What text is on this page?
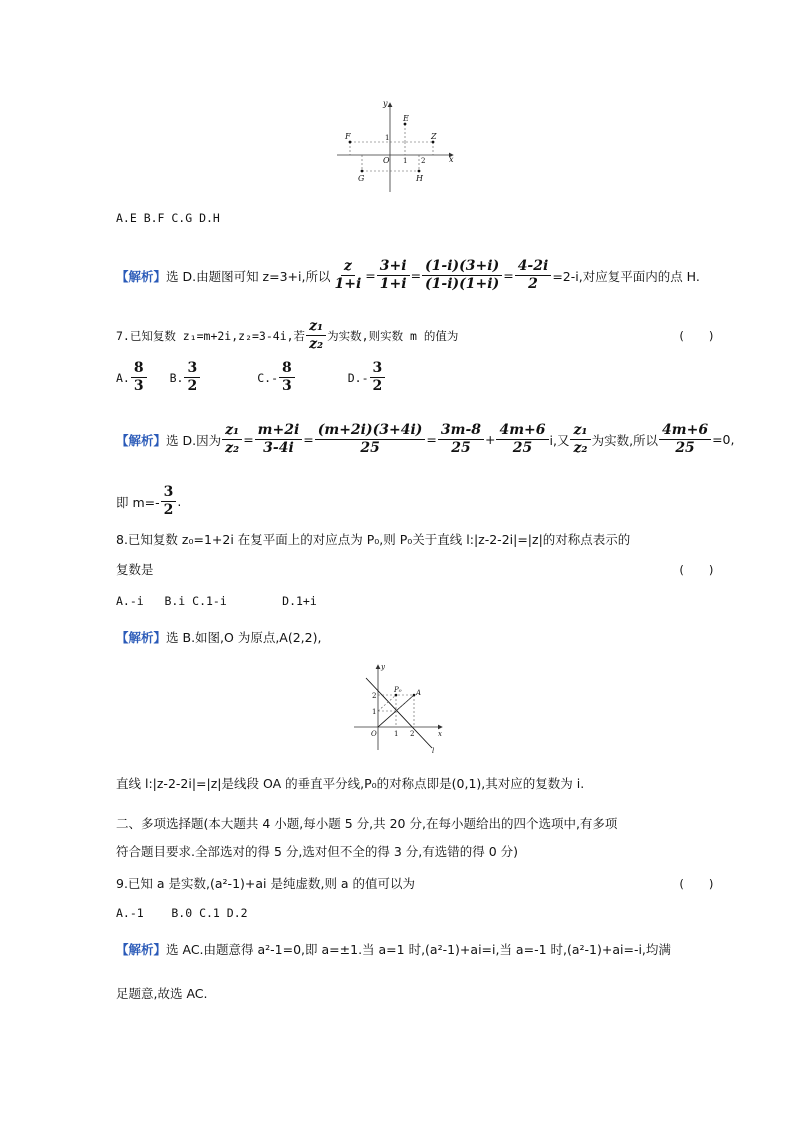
y
x
E
F	Z
G	H
O 1 2
1
A.E B.F C.G D.H
【解析】 选 D.由题图可知 z=3+i,所以 $\frac{z}{1+i} = \frac{3+i}{1+i} = \frac{(1-i)(3+i)}{(1-i)(1+i)} = \frac{4-2i}{2} =2-i$,对应复平面内的点 H.
7.已知复数 z₁=m+2i,z₂=3-4i,若 $\frac{\text{z₁}}{\text{z₂}}$ 为实数,则实数 m 的值为	(　　)
A. $\frac{8}{3} B$. $\frac{3}{2}$	$C.- \frac{8}{3}$	$D.- \frac{3}{2}$
【解析】 选 D.因为 $\frac{\text{z₁}}{\text{z₂}} = \frac{m+2i}{3-4i} = \frac{(m+2i)(3+4i)}{25} = \frac{3m-8}{25} + \frac{4m+6}{25} i$,又 $\frac{\text{z₁}}{\text{z₂}}$ 为实数,所以 $\frac{4m+6}{25} =0$,
即 $m=- \frac{3}{2}$ .
8.已知复数 z₀=1+2i 在复平面上的对应点为 P₀,则 P₀关于直线 l:|z-2-2i|=|z|的对称点表示的
复数是	(　　)
A.-i   B.i C.1-i        D.1+i
【解析】选 B.如图,O 为原点,A(2,2),
y
x
P₀ A
l
O 1 2
1
2
直线 l:|z-2-2i|=|z|是线段 OA 的垂直平分线,P₀的对称点即是(0,1),其对应的复数为 i.
二、多项选择题(本大题共 4 小题,每小题 5 分,共 20 分,在每小题给出的四个选项中,有多项
符合题目要求.全部选对的得 5 分,选对但不全的得 3 分,有选错的得 0 分)
9.已知 a 是实数,(a²-1)+ai 是纯虚数,则 a 的值可以为	(　　)
A.-1    B.0 C.1 D.2
【解析】选 AC.由题意得 a²-1=0,即 a=±1.当 a=1 时,(a²-1)+ai=i,当 a=-1 时,(a²-1)+ai=-i,均满
足题意,故选 AC.
